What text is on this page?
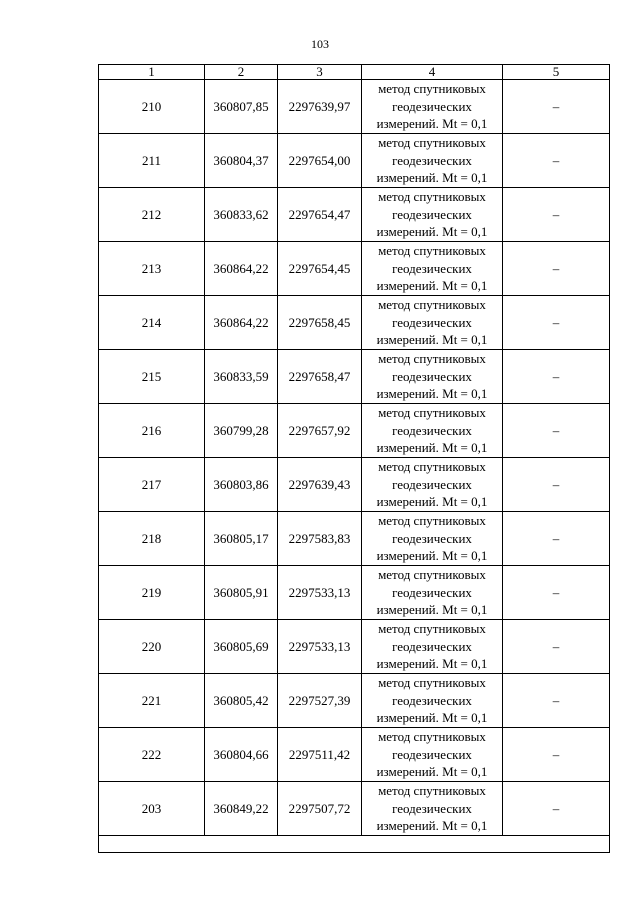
103
1	2	3	4	5
210	360807,85	2297639,97	метод спутниковых
геодезических
измерений. Mt = 0,1	–
211	360804,37	2297654,00	метод спутниковых
геодезических
измерений. Mt = 0,1	–
212	360833,62	2297654,47	метод спутниковых
геодезических
измерений. Mt = 0,1	–
213	360864,22	2297654,45	метод спутниковых
геодезических
измерений. Mt = 0,1	–
214	360864,22	2297658,45	метод спутниковых
геодезических
измерений. Mt = 0,1	–
215	360833,59	2297658,47	метод спутниковых
геодезических
измерений. Mt = 0,1	–
216	360799,28	2297657,92	метод спутниковых
геодезических
измерений. Mt = 0,1	–
217	360803,86	2297639,43	метод спутниковых
геодезических
измерений. Mt = 0,1	–
218	360805,17	2297583,83	метод спутниковых
геодезических
измерений. Mt = 0,1	–
219	360805,91	2297533,13	метод спутниковых
геодезических
измерений. Mt = 0,1	–
220	360805,69	2297533,13	метод спутниковых
геодезических
измерений. Mt = 0,1	–
221	360805,42	2297527,39	метод спутниковых
геодезических
измерений. Mt = 0,1	–
222	360804,66	2297511,42	метод спутниковых
геодезических
измерений. Mt = 0,1	–
203	360849,22	2297507,72	метод спутниковых
геодезических
измерений. Mt = 0,1	–
